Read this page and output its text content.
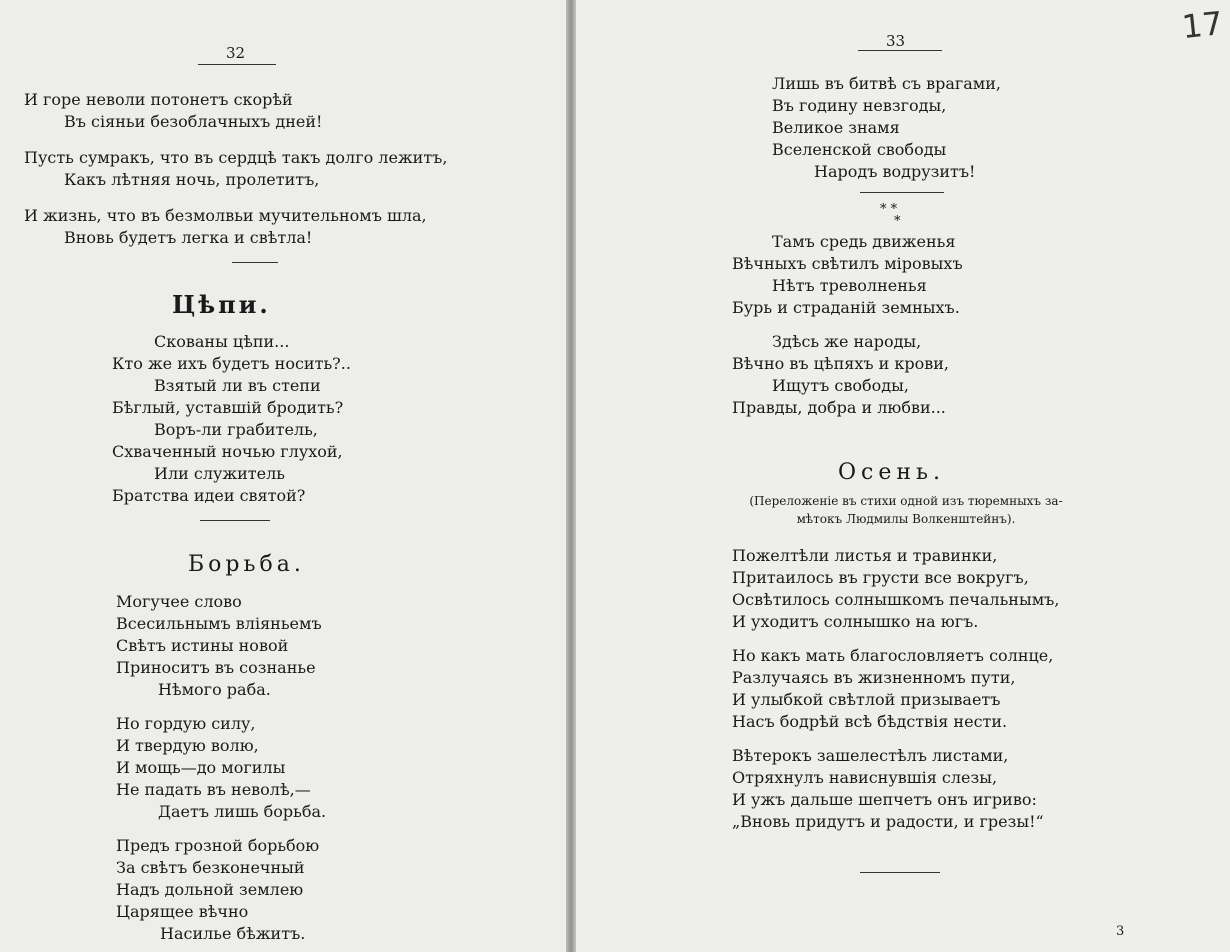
32
И горе неволи потонетъ скорѣй
Въ сіяньи безоблачныхъ дней!
Пусть сумракъ, что въ сердцѣ такъ долго лежитъ,
Какъ лѣтняя ночь, пролетитъ,
И жизнь, что въ безмолвьи мучительномъ шла,
Вновь будетъ легка и свѣтла!
Цѣпи.
Скованы цѣпи...
Кто же ихъ будетъ носить?..
Взятый ли въ степи
Бѣглый, уставшій бродить?
Воръ-ли грабитель,
Схваченный ночью глухой,
Или служитель
Братства идеи святой?
Борьба.
Могучее слово
Всесильнымъ вліяньемъ
Свѣтъ истины новой
Приноситъ въ сознанье
Нѣмого раба.
Но гордую силу,
И твердую волю,
И мощь—до могилы
Не падать въ неволѣ,—
Даетъ лишь борьба.
Предъ грозной борьбою
За свѣтъ безконечный
Надъ дольной землею
Царящее вѣчно
Насилье бѣжитъ.
33	17
Лишь въ битвѣ съ врагами,
Въ годину невзгоды,
Великое знамя
Вселенской свободы
Народъ водрузитъ!
* *
*
Тамъ средь движенья
Вѣчныхъ свѣтилъ міровыхъ
Нѣтъ треволненья
Бурь и страданій земныхъ.
Здѣсь же народы,
Вѣчно въ цѣпяхъ и крови,
Ищутъ свободы,
Правды, добра и любви...
Осень.
(Переложеніе въ стихи одной изъ тюремныхъ за-
мѣтокъ Людмилы Волкенштейнъ).
Пожелтѣли листья и травинки,
Притаилось въ грусти все вокругъ,
Освѣтилось солнышкомъ печальнымъ,
И уходитъ солнышко на югъ.
Но какъ мать благословляетъ солнце,
Разлучаясь въ жизненномъ пути,
И улыбкой свѣтлой призываетъ
Насъ бодрѣй всѣ бѣдствія нести.
Вѣтерокъ зашелестѣлъ листами,
Отряхнулъ нависнувшія слезы,
И ужъ дальше шепчетъ онъ игриво:
„Вновь придутъ и радости, и грезы!“
3
